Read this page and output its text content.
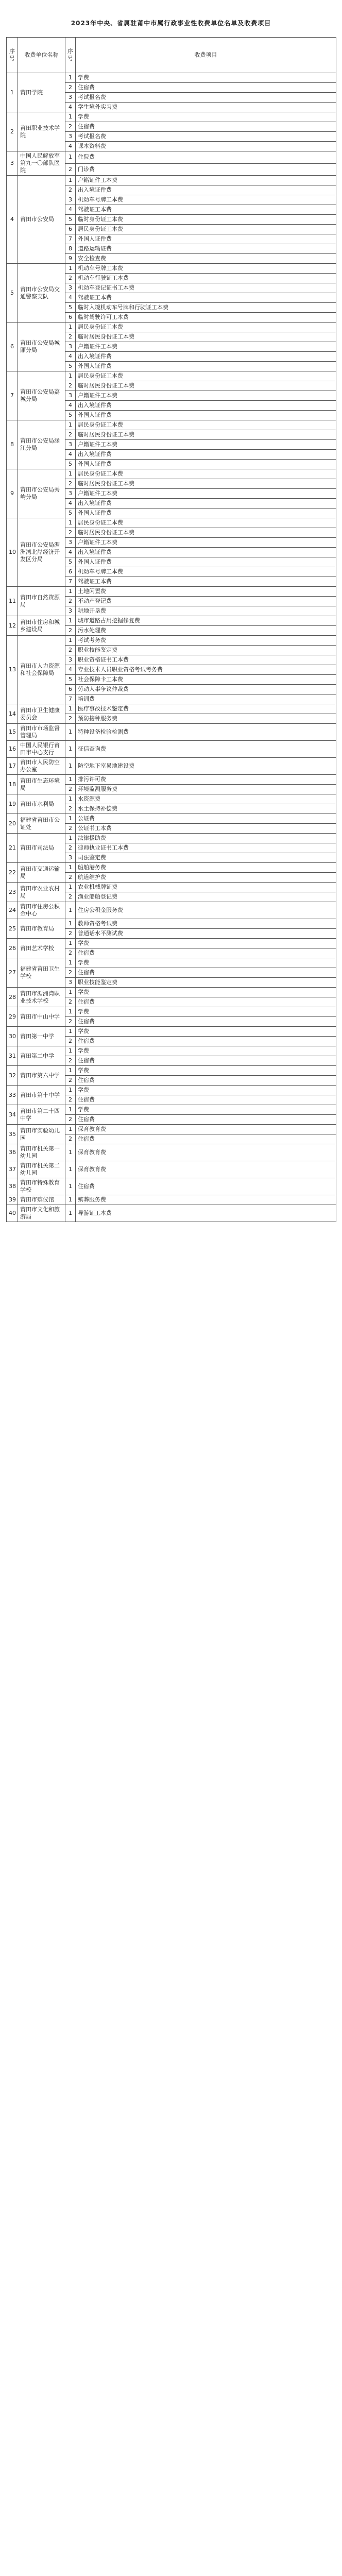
2023年中央、省属驻莆中市属行政事业性收费单位名单及收费项目
序号	收费单位名称	序号	收费项目
1	莆田学院	1	学费
		2	住宿费
		3	考试报名费
		4	学生境外实习费
2	莆田职业技术学院	1	学费
		2	住宿费
		3	考试报名费
		4	课本资料费
3	中国人民解放军第九一〇部队医院	1	住院费
		2	门诊费
4	莆田市公安局	1	户籍证件工本费
		2	出入境证件费
		3	机动车号牌工本费
		4	驾驶证工本费
		5	临时身份证工本费
		6	居民身份证工本费
		7	外国人证件费
		8	道路运输证费
		9	安全检查费
5	莆田市公安局交通警察支队	1	机动车号牌工本费
		2	机动车行驶证工本费
		3	机动车登记证书工本费
		4	驾驶证工本费
		5	临时入境机动车号牌和行驶证工本费
		6	临时驾驶许可工本费
6	莆田市公安局城厢分局	1	居民身份证工本费
		2	临时居民身份证工本费
		3	户籍证件工本费
		4	出入境证件费
		5	外国人证件费
7	莆田市公安局荔城分局	1	居民身份证工本费
		2	临时居民身份证工本费
		3	户籍证件工本费
		4	出入境证件费
		5	外国人证件费
8	莆田市公安局涵江分局	1	居民身份证工本费
		2	临时居民身份证工本费
		3	户籍证件工本费
		4	出入境证件费
		5	外国人证件费
9	莆田市公安局秀屿分局	1	居民身份证工本费
		2	临时居民身份证工本费
		3	户籍证件工本费
		4	出入境证件费
		5	外国人证件费
10	莆田市公安局湄洲湾北岸经济开发区分局	1	居民身份证工本费
		2	临时居民身份证工本费
		3	户籍证件工本费
		4	出入境证件费
		5	外国人证件费
		6	机动车号牌工本费
		7	驾驶证工本费
11	莆田市自然资源局	1	土地闲置费
		2	不动产登记费
		3	耕地开垦费
12	莆田市住房和城乡建设局	1	城市道路占用挖掘修复费
		2	污水处理费
13	莆田市人力资源和社会保障局	1	考试考务费
		2	职业技能鉴定费
		3	职业资格证书工本费
		4	专业技术人员职业资格考试考务费
		5	社会保障卡工本费
		6	劳动人事争议仲裁费
		7	培训费
14	莆田市卫生健康委员会	1	医疗事故技术鉴定费
		2	预防接种服务费
15	莆田市市场监督管理局	1	特种设备检验检测费
16	中国人民银行莆田市中心支行	1	征信查询费
17	莆田市人民防空办公室	1	防空地下室易地建设费
18	莆田市生态环境局	1	排污许可费
		2	环境监测服务费
19	莆田市水利局	1	水资源费
		2	水土保持补偿费
20	福建省莆田市公证处	1	公证费
		2	公证书工本费
21	莆田市司法局	1	法律援助费
		2	律师执业证书工本费
		3	司法鉴定费
22	莆田市交通运输局	1	船舶港务费
		2	航道维护费
23	莆田市农业农村局	1	农业机械牌证费
		2	渔业船舶登记费
24	莆田市住房公积金中心	1	住房公积金服务费
25	莆田市教育局	1	教师资格考试费
		2	普通话水平测试费
26	莆田艺术学校	1	学费
		2	住宿费
27	福建省莆田卫生学校	1	学费
		2	住宿费
		3	职业技能鉴定费
28	莆田市湄洲湾职业技术学校	1	学费
		2	住宿费
29	莆田市中山中学	1	学费
		2	住宿费
30	莆田第一中学	1	学费
		2	住宿费
31	莆田第二中学	1	学费
		2	住宿费
32	莆田市第六中学	1	学费
		2	住宿费
33	莆田市第十中学	1	学费
		2	住宿费
34	莆田市第二十四中学	1	学费
		2	住宿费
35	莆田市实验幼儿园	1	保育教育费
		2	住宿费
36	莆田市机关第一幼儿园	1	保育教育费
37	莆田市机关第二幼儿园	1	保育教育费
38	莆田市特殊教育学校	1	住宿费
39	莆田市殡仪馆	1	殡葬服务费
40	莆田市文化和旅游局	1	导游证工本费
